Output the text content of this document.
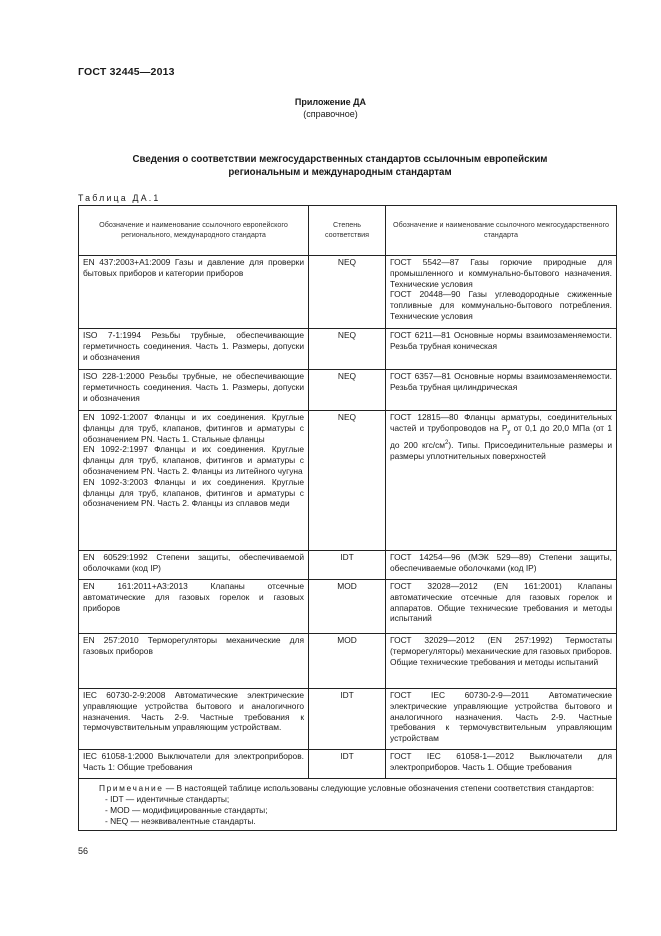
ГОСТ 32445—2013
Приложение ДА
(справочное)
Сведения о соответствии межгосударственных стандартов ссылочным европейским
региональным и международным стандартам
Таблица ДА.1
Обозначение и наименование ссылочного европейского регионального, международного стандарта	Степень соответствия	Обозначение и наименование ссылочного межгосударственного стандарта
EN 437:2003+A1:2009 Газы и давление для проверки бытовых приборов и категории приборов	NEQ	ГОСТ 5542—87 Газы горючие природные для промышленного и коммунально-бытового назначения. Технические условия
ГОСТ 20448—90 Газы углеводородные сжиженные топливные для коммунально-бытового потребления. Технические условия

ISO 7-1:1994 Резьбы трубные, обеспечивающие герметичность соединения. Часть 1. Размеры, допуски и обозначения	NEQ	ГОСТ 6211—81 Основные нормы взаимозаменяемости. Резьба трубная коническая
ISO 228-1:2000 Резьбы трубные, не обеспечивающие герметичность соединения. Часть 1. Размеры, допуски и обозначения	NEQ	ГОСТ 6357—81 Основные нормы взаимозаменяемости. Резьба трубная цилиндрическая

EN 1092-1:2007 Фланцы и их соединения. Круглые фланцы для труб, клапанов, фитингов и арматуры с обозначением PN. Часть 1. Стальные фланцы
EN 1092-2:1997 Фланцы и их соединения. Круглые фланцы для труб, клапанов, фитингов и арматуры с обозначением PN. Часть 2. Фланцы из литейного чугуна
EN 1092-3:2003 Фланцы и их соединения. Круглые фланцы для труб, клапанов, фитингов и арматуры с обозначением PN. Часть 2. Фланцы из сплавов меди	NEQ	ГОСТ 12815—80 Фланцы арматуры, соединительных частей и трубопроводов на $P_у$ от 0,1 до 20,0 МПа (от 1 до 200 кгс/$см^2$). Типы. Присоединительные размеры и размеры уплотнительных поверхностей
EN 60529:1992 Степени защиты, обеспечиваемой оболочками (код IP)	IDT	ГОСТ 14254—96 (МЭК 529—89) Степени защиты, обеспечиваемые оболочками (код IP)
EN 161:2011+A3:2013 Клапаны отсечные автоматические для газовых горелок и газовых приборов	MOD	ГОСТ 32028—2012 (EN 161:2001) Клапаны автоматические отсечные для газовых горелок и аппаратов. Общие технические требования и методы испытаний
EN 257:2010 Терморегуляторы механические для газовых приборов	MOD	ГОСТ 32029—2012 (EN 257:1992) Термостаты (терморегуляторы) механические для газовых приборов. Общие технические требования и методы испытаний
IEC 60730-2-9:2008 Автоматические электрические управляющие устройства бытового и аналогичного назначения. Часть 2-9. Частные требования к термочувствительным управляющим устройствам.	IDT	ГОСТ IEC 60730-2-9—2011 Автоматические электрические управляющие устройства бытового и аналогичного назначения. Часть 2-9. Частные требования к термочувствительным управляющим устройствам
IEC 61058-1:2000 Выключатели для электроприборов. Часть 1: Общие требования	IDT	ГОСТ IEC 61058-1—2012 Выключатели для электроприборов. Часть 1. Общие требования

Примечание — В настоящей таблице использованы следующие условные обозначения степени соответствия стандартов:
- IDT — идентичные стандарты;
- MOD — модифицированные стандарты;
- NEQ — неэквивалентные стандарты.		
56
